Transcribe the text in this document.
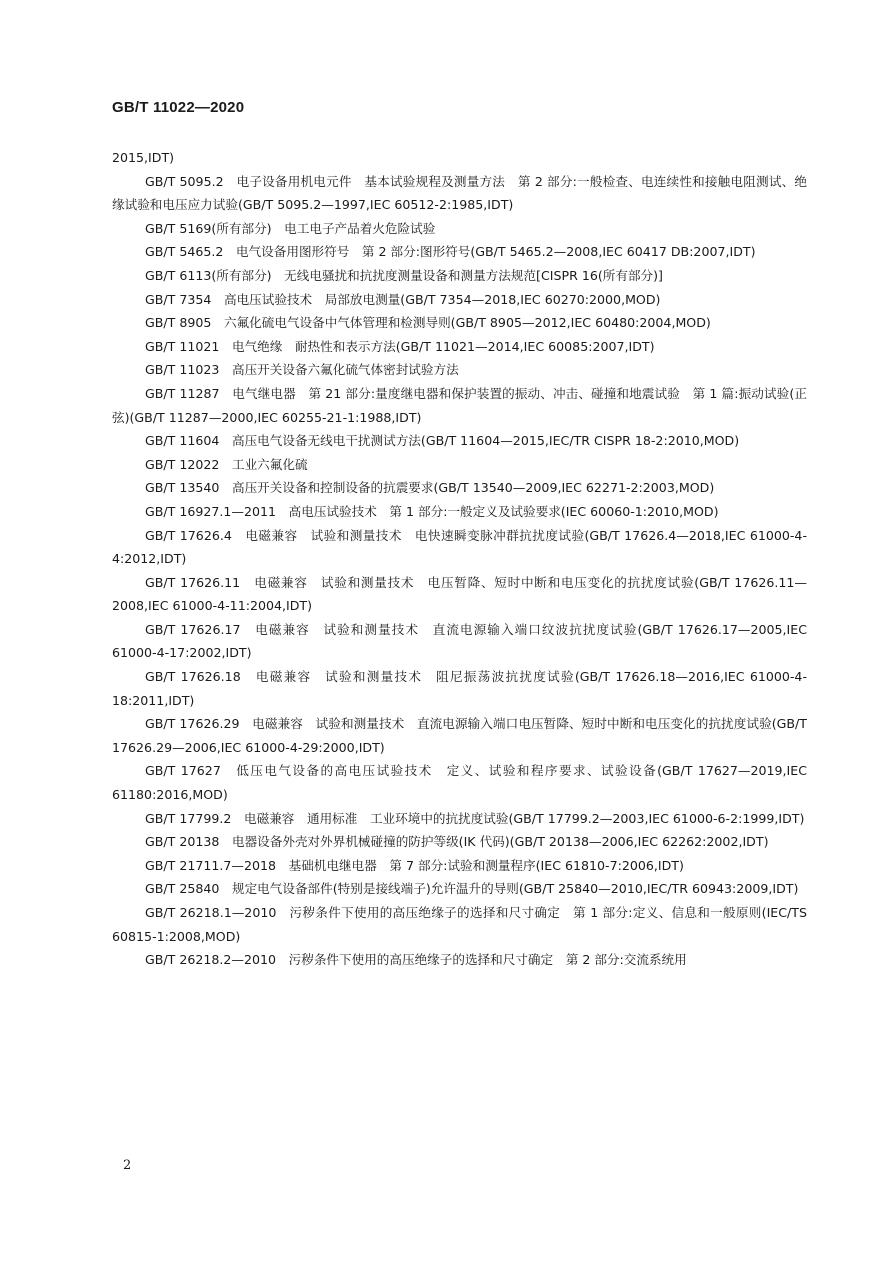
GB/T 11022—2020

2015,IDT)

GB/T 5095.2　电子设备用机电元件　基本试验规程及测量方法　第 2 部分:一般检查、电连续性和接触电阻测试、绝缘试验和电压应力试验(GB/T 5095.2—1997,IEC 60512-2:1985,IDT)

GB/T 5169(所有部分)　电工电子产品着火危险试验

GB/T 5465.2　电气设备用图形符号　第 2 部分:图形符号(GB/T 5465.2—2008,IEC 60417 DB:2007,IDT)

GB/T 6113(所有部分)　无线电骚扰和抗扰度测量设备和测量方法规范[CISPR 16(所有部分)]

GB/T 7354　高电压试验技术　局部放电测量(GB/T 7354—2018,IEC 60270:2000,MOD)

GB/T 8905　六氟化硫电气设备中气体管理和检测导则(GB/T 8905—2012,IEC 60480:2004,MOD)

GB/T 11021　电气绝缘　耐热性和表示方法(GB/T 11021—2014,IEC 60085:2007,IDT)

GB/T 11023　高压开关设备六氟化硫气体密封试验方法

GB/T 11287　电气继电器　第 21 部分:量度继电器和保护装置的振动、冲击、碰撞和地震试验　第 1 篇:振动试验(正弦)(GB/T 11287—2000,IEC 60255-21-1:1988,IDT)

GB/T 11604　高压电气设备无线电干扰测试方法(GB/T 11604—2015,IEC/TR CISPR 18-2:2010,MOD)

GB/T 12022　工业六氟化硫

GB/T 13540　高压开关设备和控制设备的抗震要求(GB/T 13540—2009,IEC 62271-2:2003,MOD)

GB/T 16927.1—2011　高电压试验技术　第 1 部分:一般定义及试验要求(IEC 60060-1:2010,MOD)

GB/T 17626.4　电磁兼容　试验和测量技术　电快速瞬变脉冲群抗扰度试验(GB/T 17626.4—2018,IEC 61000-4-4:2012,IDT)

GB/T 17626.11　电磁兼容　试验和测量技术　电压暂降、短时中断和电压变化的抗扰度试验(GB/T 17626.11—2008,IEC 61000-4-11:2004,IDT)

GB/T 17626.17　电磁兼容　试验和测量技术　直流电源输入端口纹波抗扰度试验(GB/T 17626.17—2005,IEC 61000-4-17:2002,IDT)

GB/T 17626.18　电磁兼容　试验和测量技术　阻尼振荡波抗扰度试验(GB/T 17626.18—2016,IEC 61000-4-18:2011,IDT)

GB/T 17626.29　电磁兼容　试验和测量技术　直流电源输入端口电压暂降、短时中断和电压变化的抗扰度试验(GB/T 17626.29—2006,IEC 61000-4-29:2000,IDT)

GB/T 17627　低压电气设备的高电压试验技术　定义、试验和程序要求、试验设备(GB/T 17627—2019,IEC 61180:2016,MOD)

GB/T 17799.2　电磁兼容　通用标准　工业环境中的抗扰度试验(GB/T 17799.2—2003,IEC 61000-6-2:1999,IDT)

GB/T 20138　电器设备外壳对外界机械碰撞的防护等级(IK 代码)(GB/T 20138—2006,IEC 62262:2002,IDT)

GB/T 21711.7—2018　基础机电继电器　第 7 部分:试验和测量程序(IEC 61810-7:2006,IDT)

GB/T 25840　规定电气设备部件(特别是接线端子)允许温升的导则(GB/T 25840—2010,IEC/TR 60943:2009,IDT)

GB/T 26218.1—2010　污秽条件下使用的高压绝缘子的选择和尺寸确定　第 1 部分:定义、信息和一般原则(IEC/TS 60815-1:2008,MOD)

GB/T 26218.2—2010　污秽条件下使用的高压绝缘子的选择和尺寸确定　第 2 部分:交流系统用

2
